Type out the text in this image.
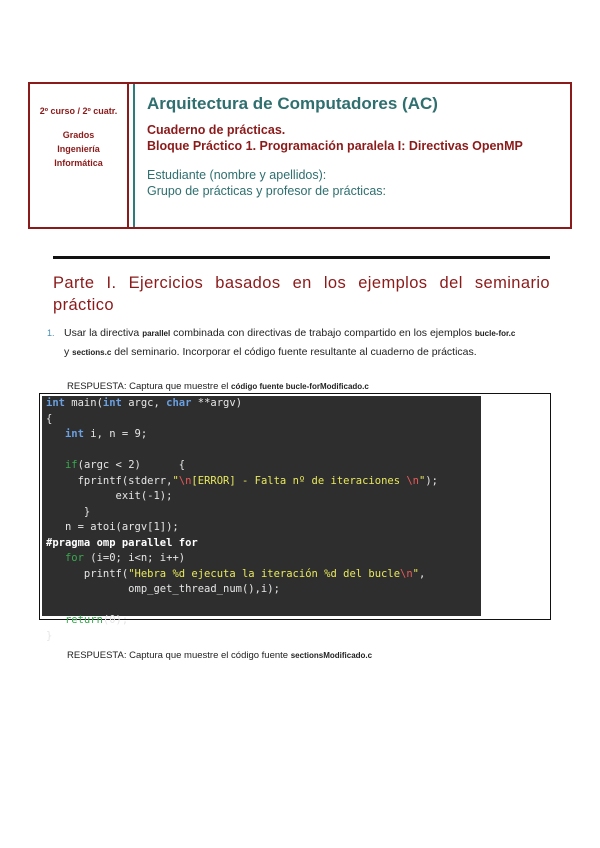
2º curso / 2º cuatr.
Grados
Ingeniería
Informática
Arquitectura de Computadores (AC)
Cuaderno de prácticas.
Bloque Práctico 1. Programación paralela I: Directivas OpenMP
Estudiante (nombre y apellidos):
Grupo de prácticas y profesor de prácticas:
Parte I. Ejercicios basados en los ejemplos del seminario práctico
1. Usar la directiva parallel combinada con directivas de trabajo compartido en los ejemplos bucle-for.c
y sections.c del seminario. Incorporar el código fuente resultante al cuaderno de prácticas.
RESPUESTA: Captura que muestre el código fuente bucle-forModificado.c
int main(int argc, char **argv)
{
int i, n = 9;

if(argc < 2)      {
fprintf(stderr,"\n[ERROR] - Falta nº de iteraciones \n");
exit(-1);
}
n = atoi(argv[1]);
#pragma omp parallel for
for (i=0; i<n; i++)
printf("Hebra %d ejecuta la iteración %d del bucle\n",
omp_get_thread_num(),i);

return(0);
}
RESPUESTA: Captura que muestre el código fuente sectionsModificado.c
